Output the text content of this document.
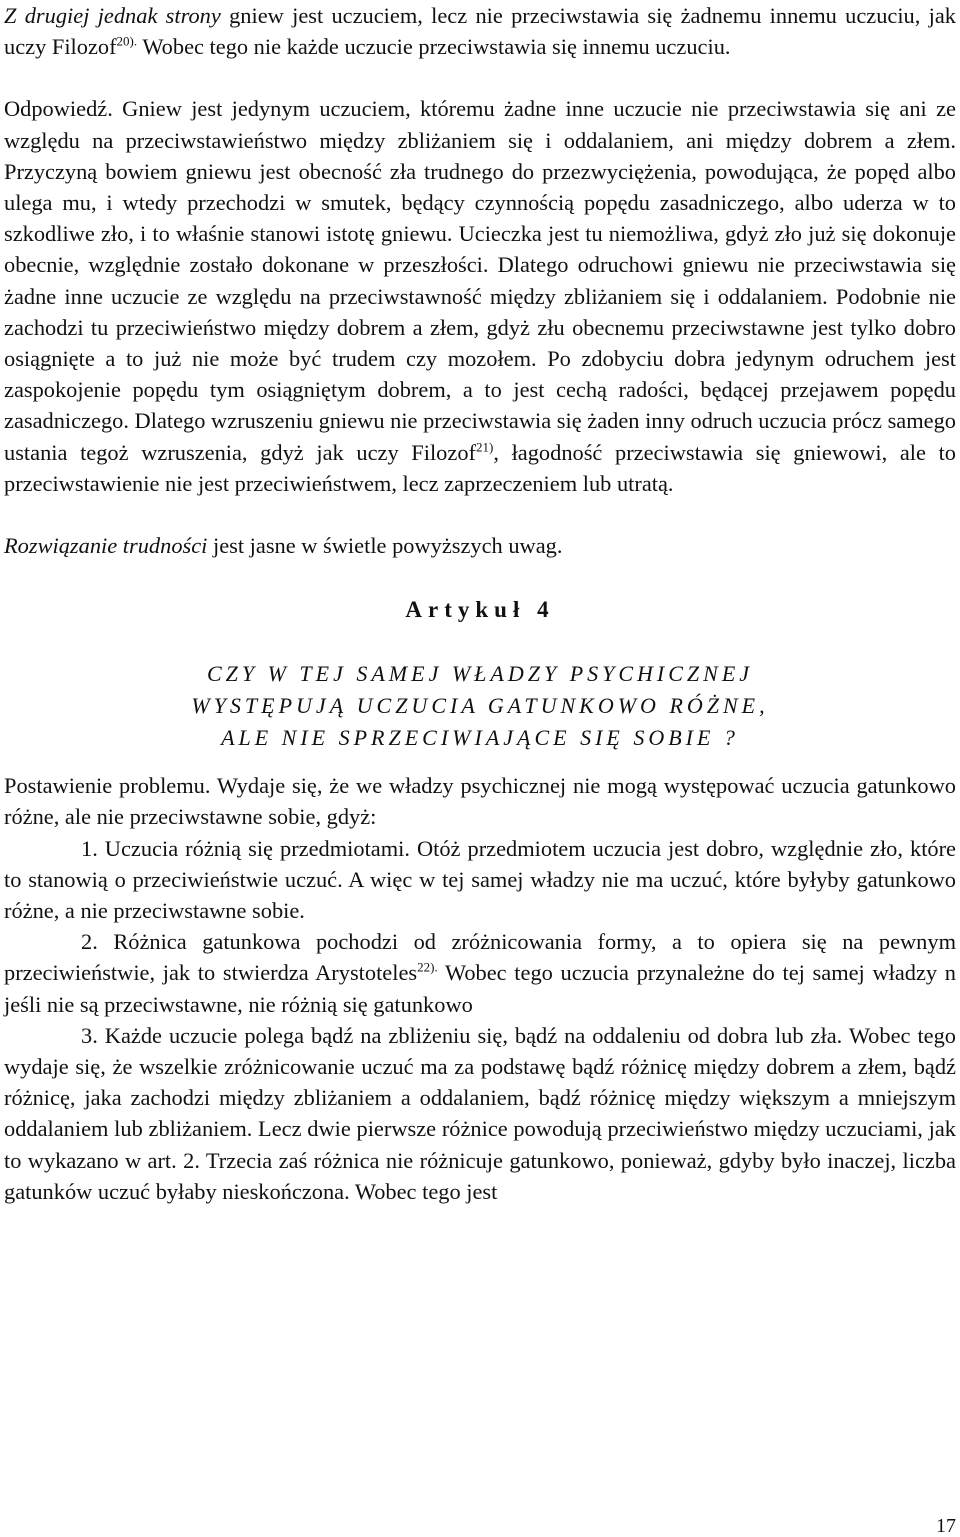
Z drugiej jednak strony gniew jest uczuciem, lecz nie przeciwstawia się żadnemu innemu uczuciu, jak uczy Filozof$^{20).}$ Wobec tego nie każde uczucie przeciwstawia się innemu uczuciu.

Odpowiedź. Gniew jest jedynym uczuciem, któremu żadne inne uczucie nie przeciwstawia się ani ze względu na przeciwstawieństwo między zbliżaniem się i oddalaniem, ani między dobrem a złem. Przyczyną bowiem gniewu jest obecność zła trudnego do przezwyciężenia, powodująca, że popęd albo ulega mu, i wtedy przechodzi w smutek, będący czynnością popędu zasadniczego, albo uderza w to szkodliwe zło, i to właśnie stanowi istotę gniewu. Ucieczka jest tu niemożliwa, gdyż zło już się dokonuje obecnie, względnie zostało dokonane w przeszłości. Dlatego odruchowi gniewu nie przeciwstawia się żadne inne uczucie ze względu na przeciwstawność między zbliżaniem się i oddalaniem. Podobnie nie zachodzi tu przeciwieństwo między dobrem a złem, gdyż złu obecnemu przeciwstawne jest tylko dobro osiągnięte a to już nie może być trudem czy mozołem. Po zdobyciu dobra jedynym odruchem jest zaspokojenie popędu tym osiągniętym dobrem, a to jest cechą radości, będącej przejawem popędu zasadniczego. Dlatego wzruszeniu gniewu nie przeciwstawia się żaden inny odruch uczucia prócz samego ustania tegoż wzruszenia, gdyż jak uczy Filozof$^{21)}$, łagodność przeciwstawia się gniewowi, ale to przeciwstawienie nie jest przeciwieństwem, lecz zaprzeczeniem lub utratą.

Rozwiązanie trudności jest jasne w świetle powyższych uwag.

Artykuł 4

CZY W TEJ SAMEJ WŁADZY PSYCHICZNEJ

WYSTĘPUJĄ UCZUCIA GATUNKOWO RÓŻNE,

ALE NIE SPRZECIWIAJĄCE SIĘ SOBIE ?

Postawienie problemu. Wydaje się, że we władzy psychicznej nie mogą występować uczucia gatunkowo różne, ale nie przeciwstawne sobie, gdyż:

1. Uczucia różnią się przedmiotami. Otóż przedmiotem uczucia jest dobro, względnie zło, które to stanowią o przeciwieństwie uczuć. A więc w tej samej władzy nie ma uczuć, które byłyby gatunkowo różne, a nie przeciwstawne sobie.

2. Różnica gatunkowa pochodzi od zróżnicowania formy, a to opiera się na pewnym przeciwieństwie, jak to stwierdza Arystoteles$^{22).}$ Wobec tego uczucia przynależne do tej samej władzy n jeśli nie są przeciwstawne, nie różnią się gatunkowo

3. Każde uczucie polega bądź na zbliżeniu się, bądź na oddaleniu od dobra lub zła. Wobec tego wydaje się, że wszelkie zróżnicowanie uczuć ma za podstawę bądź różnicę między dobrem a złem, bądź różnicę, jaka zachodzi między zbliżaniem a oddalaniem, bądź różnicę między większym a mniejszym oddalaniem lub zbliżaniem. Lecz dwie pierwsze różnice powodują przeciwieństwo między uczuciami, jak to wykazano w art. 2. Trzecia zaś różnica nie różnicuje gatunkowo, ponieważ, gdyby było inaczej, liczba gatunków uczuć byłaby nieskończona. Wobec tego jest

17
